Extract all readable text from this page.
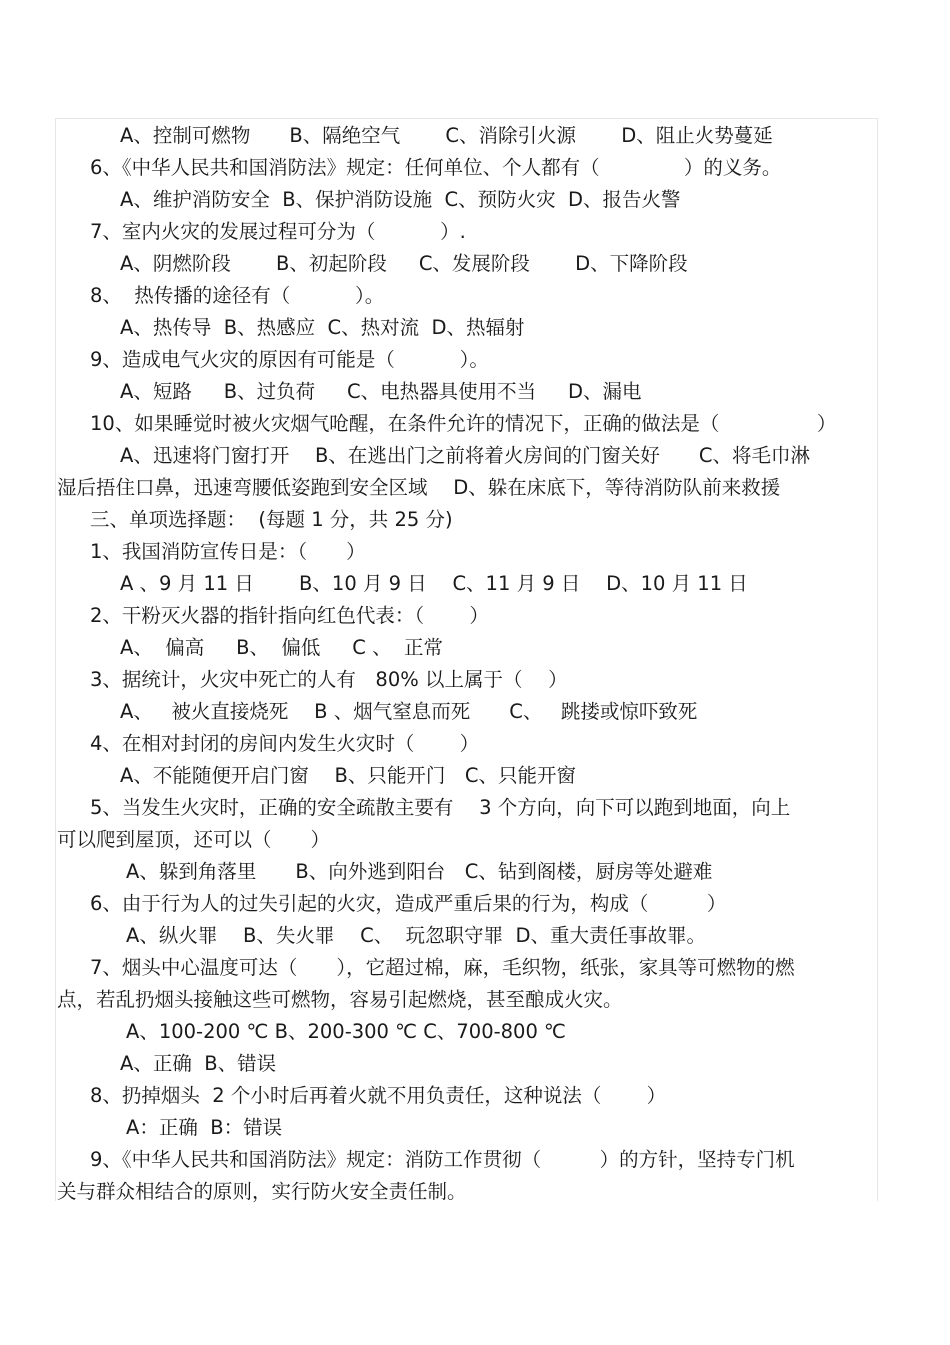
A、控制可燃物　　B、隔绝空气　　 C、消除引火源　　 D、阻止火势蔓延
6、《中华人民共和国消防法》规定：任何单位、个人都有（　　　　 ）的义务。
A、维护消防安全  B、保护消防设施  C、预防火灾  D、报告火警
7、室内火灾的发展过程可分为（　　　 ）.
A、阴燃阶段　　 B、初起阶段　  C、发展阶段　　 D、下降阶段
8、  热传播的途径有（　　　 ）。
A、热传导  B、热感应  C、热对流  D、热辐射
9、造成电气火灾的原因有可能是（　　　 ）。
A、短路　  B、过负荷　  C、电热器具使用不当　  D、漏电
10、如果睡觉时被火灾烟气呛醒，在条件允许的情况下，正确的做法是（　　　　　）
A、迅速将门窗打开　 B、在逃出门之前将着火房间的门窗关好　　C、将毛巾淋
湿后捂住口鼻，迅速弯腰低姿跑到安全区域　 D、躲在床底下，等待消防队前来救援
三、单项选择题：  (每题 1 分，共 25 分)
1、我国消防宣传日是：（　　）
A 、9 月 11 日　　 B、10 月 9 日　 C、11 月 9 日　 D、10 月 11 日
2、干粉灭火器的指针指向红色代表：（　　 ）
A、  偏高　  B、  偏低　  C 、  正常
3、据统计，火灾中死亡的人有　80% 以上属于（　 ）
A、   被火直接烧死　 B 、烟气窒息而死　　C、   跳搂或惊吓致死
4、在相对封闭的房间内发生火灾时（　　 ）
A、不能随便开启门窗　 B、只能开门　C、只能开窗
5、当发生火灾时，正确的安全疏散主要有　 3 个方向，向下可以跑到地面，向上
可以爬到屋顶，还可以（　　）
A、躲到角落里　　B、向外逃到阳台　C、钻到阁楼，厨房等处避难
6、由于行为人的过失引起的火灾，造成严重后果的行为，构成（　　　）
A、纵火罪　 B、失火罪　 C、  玩忽职守罪  D、重大责任事故罪。
7、烟头中心温度可达（　　），它超过棉，麻，毛织物，纸张，家具等可燃物的燃
点，若乱扔烟头接触这些可燃物，容易引起燃烧，甚至酿成火灾。
A、100-200 ℃ B、200-300 ℃ C、700-800 ℃
A、正确  B、错误
8、扔掉烟头  2 个小时后再着火就不用负责任，这种说法（　　 ）
A：正确  B：错误
9、《中华人民共和国消防法》规定：消防工作贯彻（　　　）的方针，坚持专门机
关与群众相结合的原则，实行防火安全责任制。
